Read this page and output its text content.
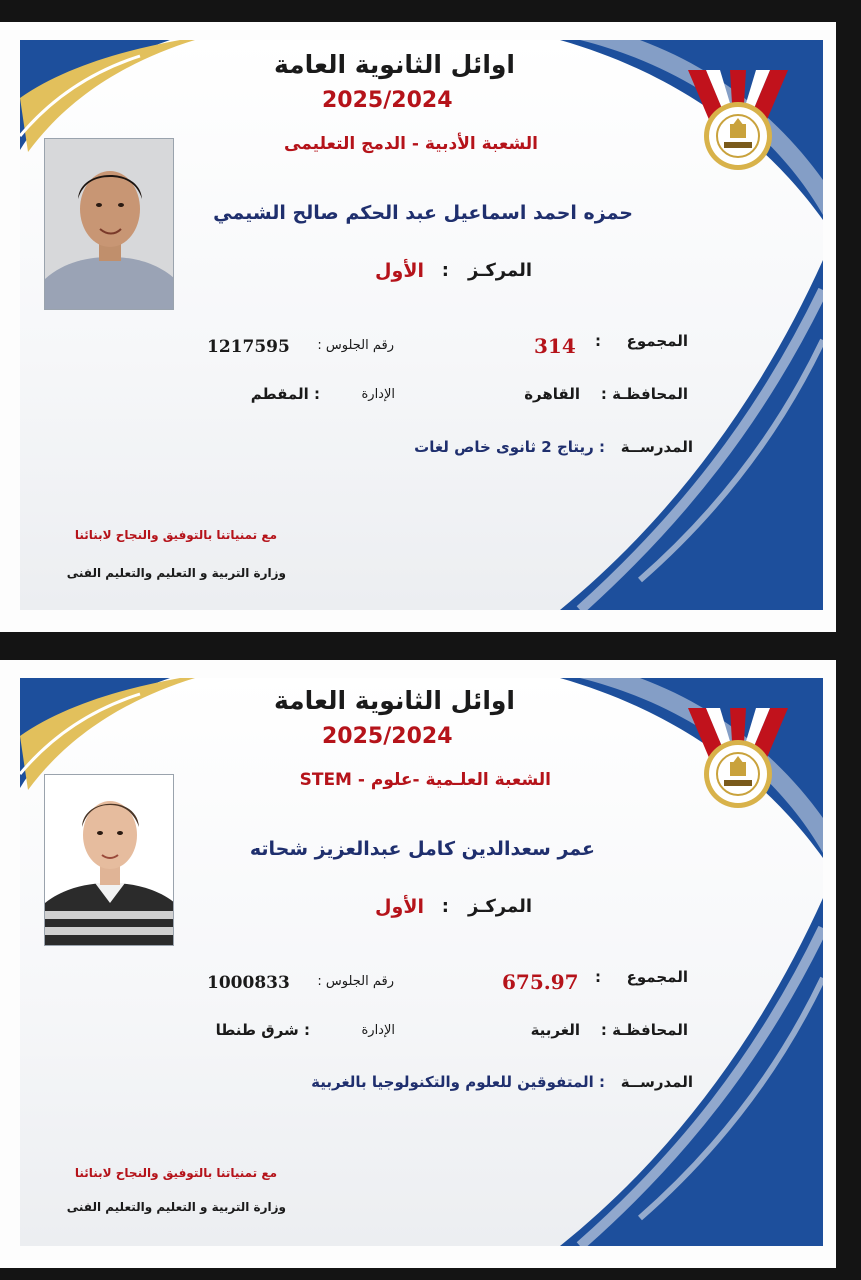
اوائل الثانوية العامة
2025/2024
الشعبة الأدبية - الدمج التعليمى
حمزه احمد اسماعيل عبد الحكم صالح الشيمي
المركـز
:
الأول
المجموع
:
314
رقم الجلوس :
1217595
المحافظـة :
القاهرة
الإدارة
: المقطم
المدرســة
: ريتاج 2 ثانوى خاص لغات
مع تمنياتنا بالتوفيق والنجاح لابنائنا
وزارة التربية و التعليم والتعليم الفنى
اوائل الثانوية العامة
2025/2024
الشعبة العلـمية -علوم - STEM
عمر سعدالدين كامل عبدالعزيز شحاته
المركـز
:
الأول
المجموع
:
675.97
رقم الجلوس :
1000833
المحافظـة :
الغربية
الإدارة
: شرق طنطا
المدرســة
: المتفوقين للعلوم والتكنولوجيا بالغربية
مع تمنياتنا بالتوفيق والنجاح لابنائنا
وزارة التربية و التعليم والتعليم الفنى
